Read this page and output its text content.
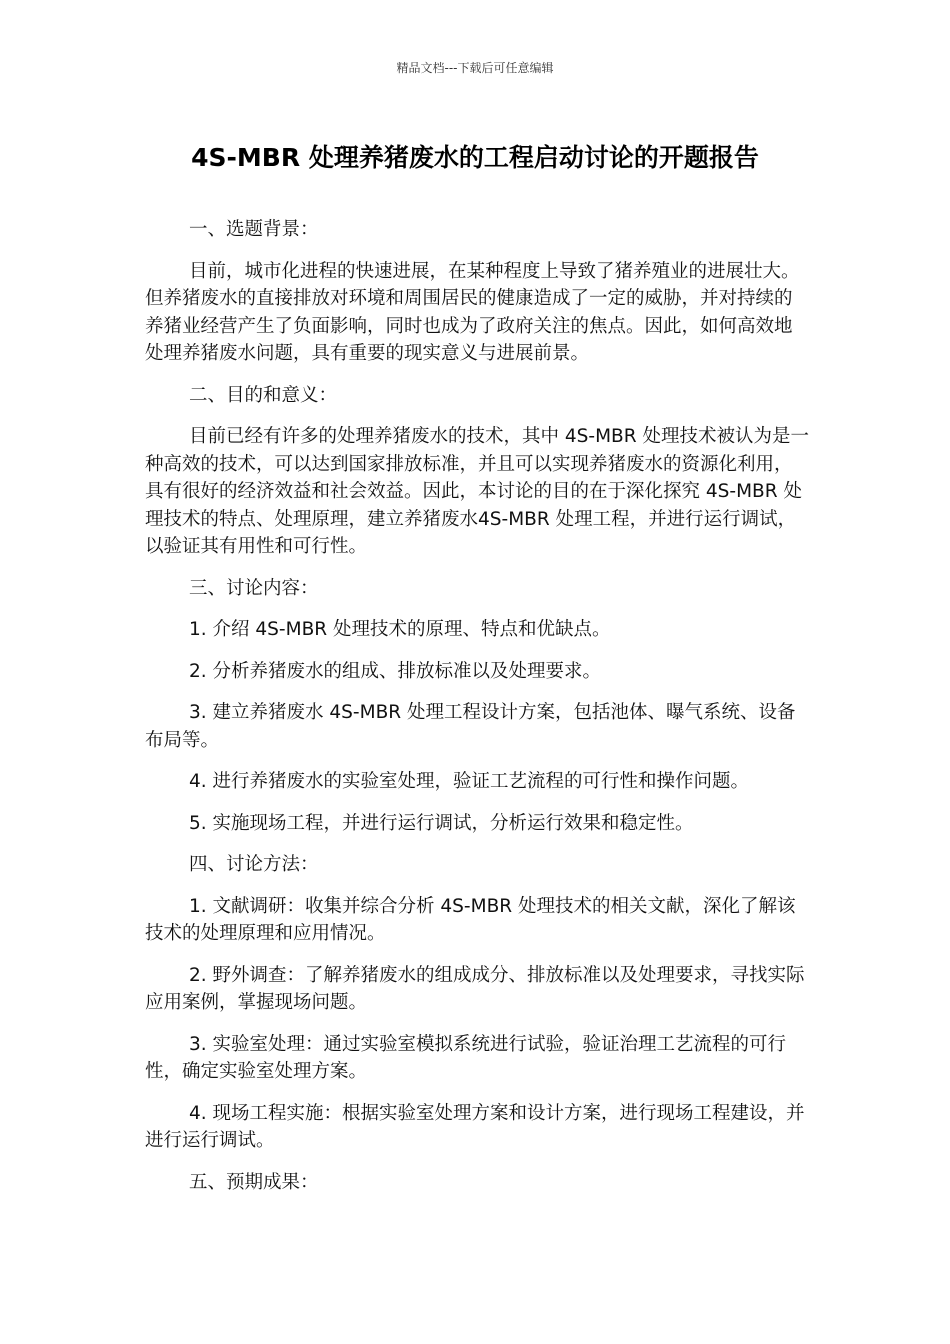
精品文档---下载后可任意编辑
4S-MBR 处理养猪废水的工程启动讨论的开题报告

一、选题背景：

目前，城市化进程的快速进展，在某种程度上导致了猪养殖业的进展壮大。但养猪废水的直接排放对环境和周围居民的健康造成了一定的威胁，并对持续的养猪业经营产生了负面影响，同时也成为了政府关注的焦点。因此，如何高效地处理养猪废水问题，具有重要的现实意义与进展前景。

二、目的和意义：

目前已经有许多的处理养猪废水的技术，其中 4S-MBR 处理技术被认为是一种高效的技术，可以达到国家排放标准，并且可以实现养猪废水的资源化利用，具有很好的经济效益和社会效益。因此，本讨论的目的在于深化探究 4S-MBR 处理技术的特点、处理原理，建立养猪废水4S-MBR 处理工程，并进行运行调试，以验证其有用性和可行性。

三、讨论内容：

1. 介绍 4S-MBR 处理技术的原理、特点和优缺点。

2. 分析养猪废水的组成、排放标准以及处理要求。

3. 建立养猪废水 4S-MBR 处理工程设计方案，包括池体、曝气系统、设备布局等。

4. 进行养猪废水的实验室处理，验证工艺流程的可行性和操作问题。

5. 实施现场工程，并进行运行调试，分析运行效果和稳定性。

四、讨论方法：

1. 文献调研：收集并综合分析 4S-MBR 处理技术的相关文献，深化了解该技术的处理原理和应用情况。

2. 野外调查：了解养猪废水的组成成分、排放标准以及处理要求，寻找实际应用案例，掌握现场问题。

3. 实验室处理：通过实验室模拟系统进行试验，验证治理工艺流程的可行性，确定实验室处理方案。

4. 现场工程实施：根据实验室处理方案和设计方案，进行现场工程建设，并进行运行调试。

五、预期成果：
